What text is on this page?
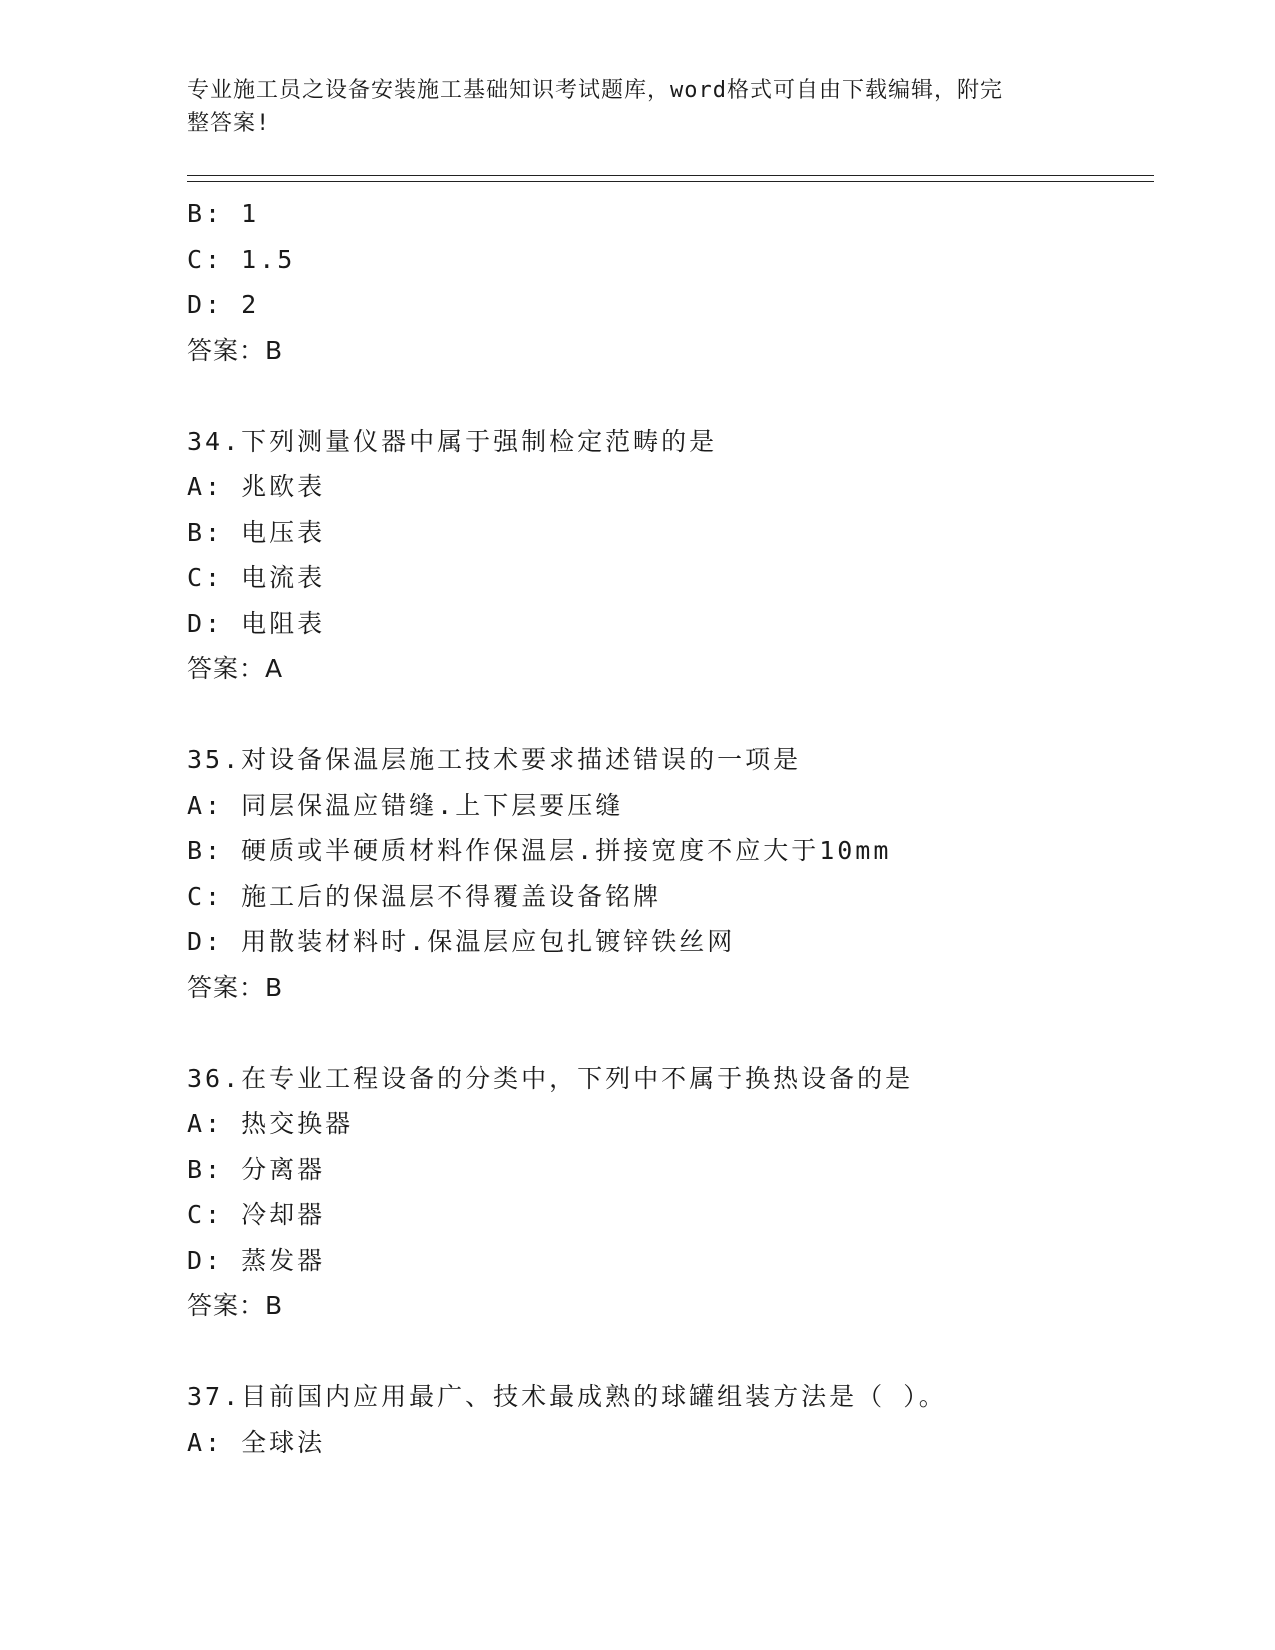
专业施工员之设备安装施工基础知识考试题库，word格式可自由下载编辑，附完
整答案!
B: 1
C: 1.5
D: 2
答案：B
34.下列测量仪器中属于强制检定范畴的是
A: 兆欧表
B: 电压表
C: 电流表
D: 电阻表
答案：A
35.对设备保温层施工技术要求描述错误的一项是
A: 同层保温应错缝.上下层要压缝
B: 硬质或半硬质材料作保温层.拼接宽度不应大于10mm
C: 施工后的保温层不得覆盖设备铭牌
D: 用散装材料时.保温层应包扎镀锌铁丝网
答案：B
36.在专业工程设备的分类中，下列中不属于换热设备的是
A: 热交换器
B: 分离器
C: 冷却器
D: 蒸发器
答案：B
37.目前国内应用最广、技术最成熟的球罐组装方法是（ ）。
A: 全球法
